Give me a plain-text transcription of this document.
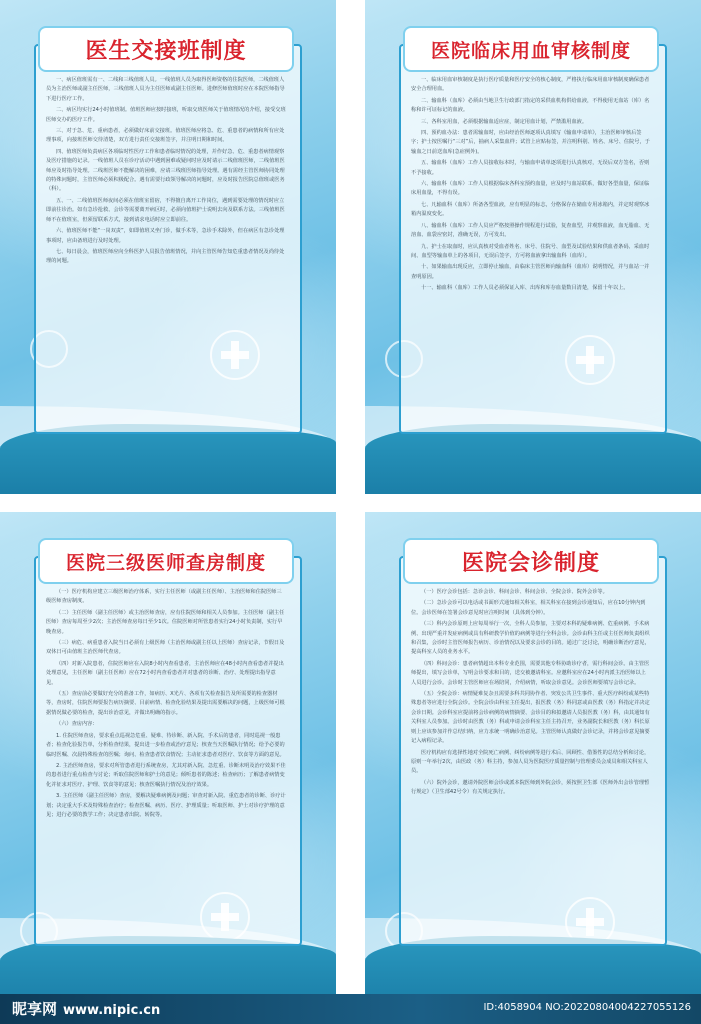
医生交接班制度

一、病区值班需有一、二线和三线值班人员。一线值班人员为取得医师资格的住院医师，二线值班人员为主治医师或副主任医师，三线值班人员为主任医师或副主任医师。进修医师值班时应在本院医师指导下进行医疗工作。

二、病区均实行24小时值班制。值班医师应按时接班，听取交班医师关于值班情况的介绍，接受交班医师交办的医疗工作。

三、对于急、危、重病患者，必须做好床前交接班。值班医师应将急、危、重患者的病情和所有应处理事项，向接班医师交待清楚，双方进行责任交接班签字，并注明日期和时间。

四、值班医师负责病区各项临时性医疗工作和患者临时情况的处理，并作好急、危、重患者病情观察及医疗措施的记录。一线值班人员在诊疗活动中遇到困难或疑问时应及时请示二线值班医师，二线值班医师应及时指导处理。二线班医师不能解决的困难，应请三线班医师指导处理。遇有需经主管医师协同处理的特殊问题时，主管医师必须积极配合。遇有需要行政领导解决的问题时，应及时报告医院总值班或医务（科）。

五、一、二线值班医师夜间必须在值班室留宿，不得擅自离开工作岗位，遇到需要处理的情况时应立即前往诊治。如有急诊抢救、会诊等需要离开病区时，必须向值班护士说明去向及联系方法。三线值班医师不在值班室，但须留联系方式，接到请求电话时应立即前往。

六、值班医师不能“一岗双责”，如即值班又坐门诊，做手术等，急诊手术除外，但在病区有急诊处理事项时，应由备班进行及时处理。

七、每日晨会，值班医师应向全科医护人员报告值班情况，并向主管医师告知危重患者情况及尚待处理的问题。

医院临床用血审核制度

一、临床用血审核制度是执行医疗质量和医疗安全的核心制度，严格执行临床用血审核制度确保患者安全合理用血。

二、输血科（血库）必须由当地卫生行政部门指定的采供血机构供给血液，不得使用无血站（库）名称和许可证标记的血液。

三、各科室用血，必须根据输血适应症，制定用血计划，严禁滥用血液。

四、预约血办法：患者需输血时，应由经治医师逐项认真填写《输血申请单》，主治医师审核后签字；护士按医嘱行“三对”后，抽病人采集血样；试管上应贴标签，并注明科别、姓名、床号、住院号，于输血之日前送血库(急症例外)。

五、输血科（血库）工作人员接收标本时，与输血申请单逐项进行认真核对，无误后双方签名，否则不予接收。

六、输血科（血库）工作人员根据临床各科室预约血量，应及时与血站联系，做好各型血量，保证临床用血量，不得有误。

七、凡输血科（血库）所备各型血液，应有明显的标志，分格保存在储血专用冰箱内，并定时观察冰箱内温度变化。

八、输血科（血库）工作人员应严格按照操作规程进行试验，复查血型，并观察血液，血无脂血、无溶血、血袋应密封，准确无误，方可发出。

九、护士在取血时，应认真核对受血者姓名、床号、住院号、血型及试验结果和供血者条码、采血时间、血型等输血单上的各项目，无误后签字，方可将血液拿出输血科（血库）。

十、如果输血出现反应，立即停止输血，由临床主管医师向输血科（血库）说明情况，并与血站一并查明原因。

十一、输血科（血库）工作人员必须保证入库、出库和库存血量数目清楚，保留十年以上。

医院三级医师查房制度

（一）医疗机构应建立三级医师治疗体系，实行主任医师（或副主任医师）、主治医师和住院医师三级医师查房制度。

（二）主任医师（副主任医师）或主治医师查房，应有住院医师和相关人员参加。主任医师（副主任医师）查房每周至少2次；主治医师查房每日至少1次。住院医师对所管患者实行24小时负责制，实行早晚查房。

（三）病危、病重患者入院当日必须有上级医师（主治医师或副主任以上医师）查房记录，节假日及双休日可由值班主治医师代查房。

（四）对新入院患者，住院医师应在入院8小时内查看患者，主治医师应在48小时内查看患者并提出处理意见，主任医师（副主任医师）应在72小时内查看患者并对患者的诊断、治疗、处理提出指导意见。

（五）查房前必要做好充分的准备工作，如病历、X光片、各项有关检查报告及所需要的检查器材等，查房时，住院医师要报告病历摘要、目前病情、检查化验结果及提出需要解决的问题，上级医师可根据情况做必要的检查，提出诊治意见，并做出明确的指示。

（六）查房内容：

1. 住院医师查房，要求重点巡视急危重、疑难、待诊断、新入院、手术后的患者，同时巡视一般患者；检查化验报告单，分析检查结果，提出进一步检查或治疗意见；核查当天医嘱执行情况；给予必要的临时医嘱、次晨特殊检查的医嘱；询问、检查患者饮食情况；主动征求患者对医疗、饮食等方面的意见。

2. 主治医师查房，要求对所管患者进行系统查房，尤其对新入院、急危重、诊断未明及治疗效果不佳的患者进行重点检查与讨论；听取住院医师和护士的意见；倾听患者的陈述；检查病历；了解患者病情变化并征求对医疗、护理、饮食等的意见；核查医嘱执行情况及治疗效果。

3. 主任医师（副主任医师）查房，要解决疑难病例及问题；审查对新入院、重危患者的诊断、诊疗计划；决定重大手术及特殊检查治疗；检查医嘱、病历、医疗、护理质量；听取医师、护士对诊疗护理的意见；进行必要的教学工作；决定患者出院、转院等。

医院会诊制度

（一）医疗会诊包括：急诊会诊、科间会诊、科间会诊、全院会诊、院外会诊等。

（二）急诊会诊可以电话或书面形式通知相关科室，相关科室在接到会诊通知后，应在10分钟内到位。会诊医师在签署会诊意见时应注明时间（具体到分钟）。

（三）科内会诊原则上应每周举行一次，全科人员参加，主要对本科的疑难病例、危重病例、手术病例、出现严重并发症病例或具有科研教学价值的病例等进行全科会诊。会诊由科主任或主任医师负责组织和召集，会诊时主管医师报告病历、诊治情况以及要求会诊的目的。通过广泛讨论，明确诊断治疗意见，提高科室人员的业务水平。

（四）科间会诊：患者病情超出本科专业范围，需要其他专科协助诊疗者，需行科间会诊。由主管医师提出，填写会诊单，写明会诊要求和目的，送交被邀请科室。应邀科室应在24小时内派主治医师以上人员进行会诊。会诊时主管医师应在场陪同，介绍病情，听取会诊意见。会诊医师要填写会诊记录。

（五）全院会诊：病情疑难复杂且需要多科共同协作者、突发公共卫生事件、重大医疗纠纷或某些特殊患者等应进行全院会诊。全院会诊由科室主任提出，报医教（务）科同意或由医教（务）科指定并决定会诊日期。会诊科室应提前将会诊病例的病情摘要、会诊目的和拟邀请人员报医教（务）科，由其通知有关科室人员参加。会诊时由医教（务）科或申请会诊科室主任主持召开，业务副院长和医教（务）科长原则上应该参加并作总结归纳，应力求统一明确诊治意见。主管医师认真做好会诊记录，并将会诊意见摘要记入病程记录。

医疗机构应有选择性地对全院死亡病例、纠纷病例等进行术后、回顾性、借鉴性的总结分析和讨论，原则一年举行2次，由医政（务）科主持，参加人员为医院医疗质量控制与管理委员会成员和相关科室人员。

（六）院外会诊，邀请外院医师会诊或派本院医师到外院会诊，须按照卫生部《医师外出会诊管理暂行规定》（卫生部42号令）有关规定执行。

昵享网 www.nipic.cn	ID:4058904 NO:20220804004227055126
